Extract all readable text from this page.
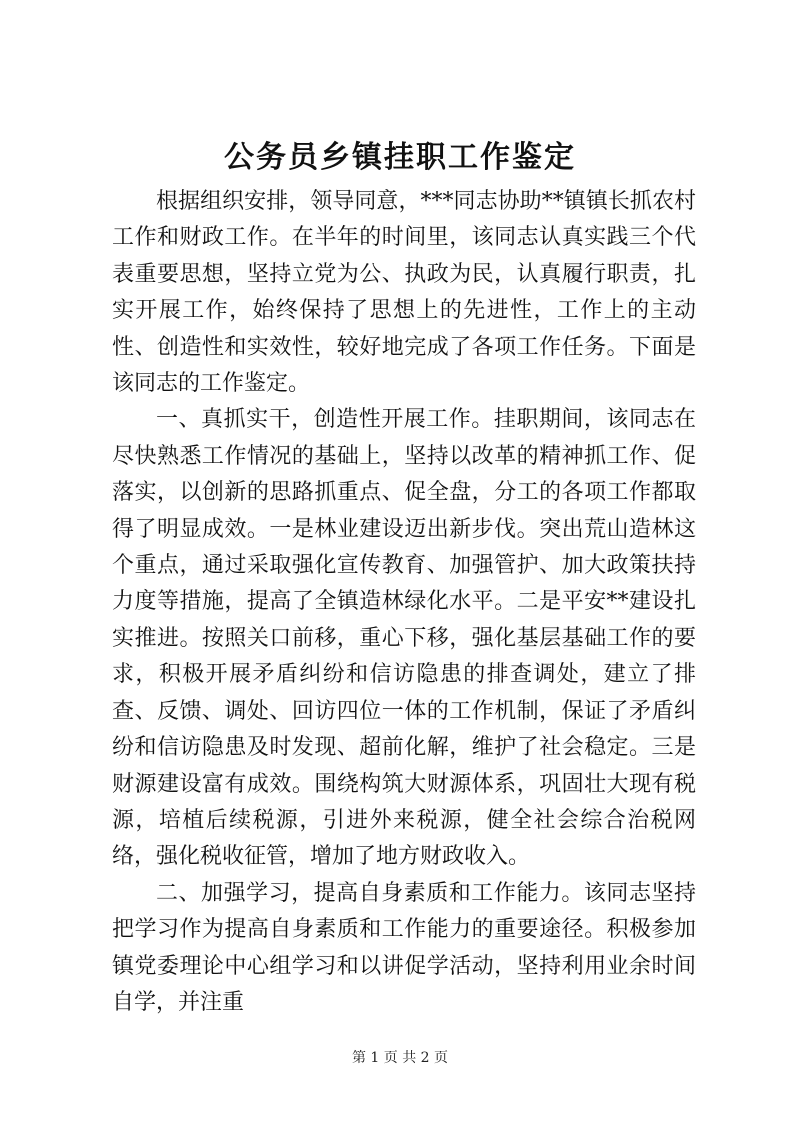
公务员乡镇挂职工作鉴定

根据组织安排，领导同意，***同志协助**镇镇长抓农村工作和财政工作。在半年的时间里，该同志认真实践三个代表重要思想，坚持立党为公、执政为民，认真履行职责，扎实开展工作，始终保持了思想上的先进性，工作上的主动性、创造性和实效性，较好地完成了各项工作任务。下面是该同志的工作鉴定。

一、真抓实干，创造性开展工作。挂职期间，该同志在尽快熟悉工作情况的基础上，坚持以改革的精神抓工作、促落实，以创新的思路抓重点、促全盘，分工的各项工作都取得了明显成效。一是林业建设迈出新步伐。突出荒山造林这个重点，通过采取强化宣传教育、加强管护、加大政策扶持力度等措施，提高了全镇造林绿化水平。二是平安**建设扎实推进。按照关口前移，重心下移，强化基层基础工作的要求，积极开展矛盾纠纷和信访隐患的排查调处，建立了排查、反馈、调处、回访四位一体的工作机制，保证了矛盾纠纷和信访隐患及时发现、超前化解，维护了社会稳定。三是财源建设富有成效。围绕构筑大财源体系，巩固壮大现有税源，培植后续税源，引进外来税源，健全社会综合治税网络，强化税收征管，增加了地方财政收入。

二、加强学习，提高自身素质和工作能力。该同志坚持把学习作为提高自身素质和工作能力的重要途径。积极参加镇党委理论中心组学习和以讲促学活动，坚持利用业余时间自学，并注重

第 1 页 共 2 页
